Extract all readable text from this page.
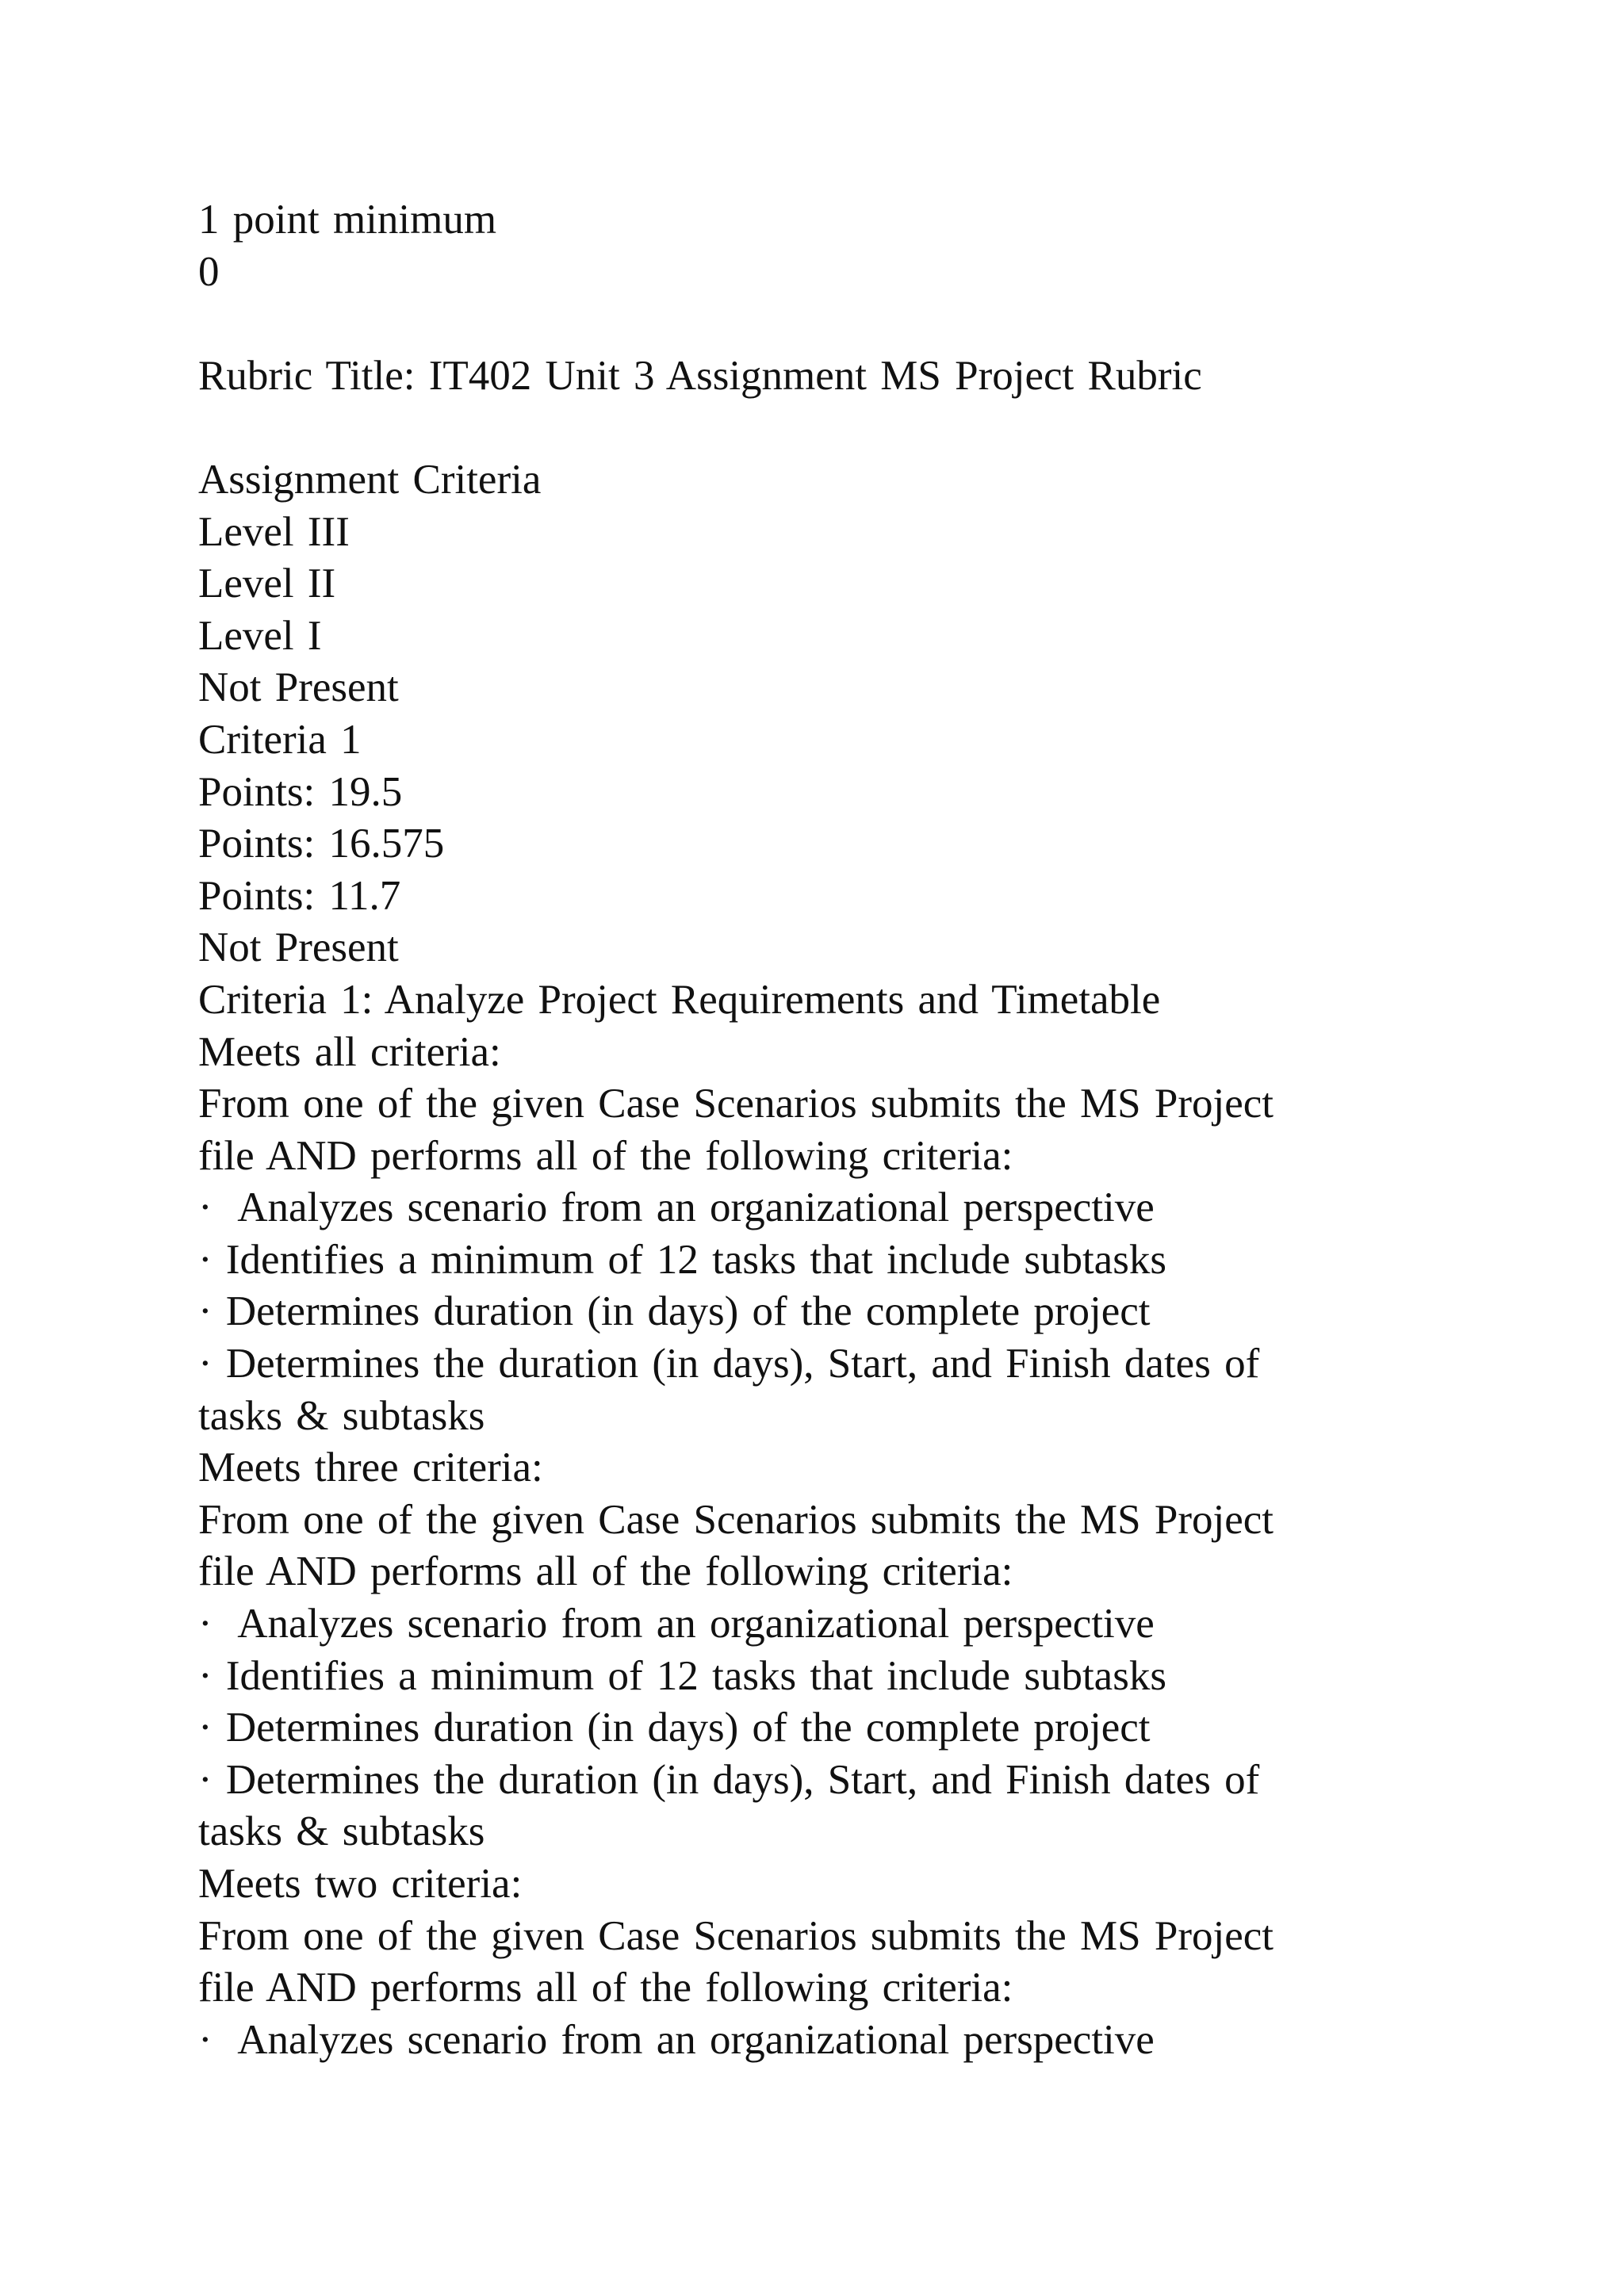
1 point minimum
0
Rubric Title: IT402 Unit 3 Assignment MS Project Rubric
Assignment Criteria
Level III
Level II
Level I
Not Present
Criteria 1
Points: 19.5
Points: 16.575
Points: 11.7
Not Present
Criteria 1: Analyze Project Requirements and Timetable
Meets all criteria:
From one of the given Case Scenarios submits the MS Project
file AND performs all of the following criteria:
·  Analyzes scenario from an organizational perspective
· Identifies a minimum of 12 tasks that include subtasks
· Determines duration (in days) of the complete project
· Determines the duration (in days), Start, and Finish dates of
tasks & subtasks
Meets three criteria:
From one of the given Case Scenarios submits the MS Project
file AND performs all of the following criteria:
·  Analyzes scenario from an organizational perspective
· Identifies a minimum of 12 tasks that include subtasks
· Determines duration (in days) of the complete project
· Determines the duration (in days), Start, and Finish dates of
tasks & subtasks
Meets two criteria:
From one of the given Case Scenarios submits the MS Project
file AND performs all of the following criteria:
·  Analyzes scenario from an organizational perspective
